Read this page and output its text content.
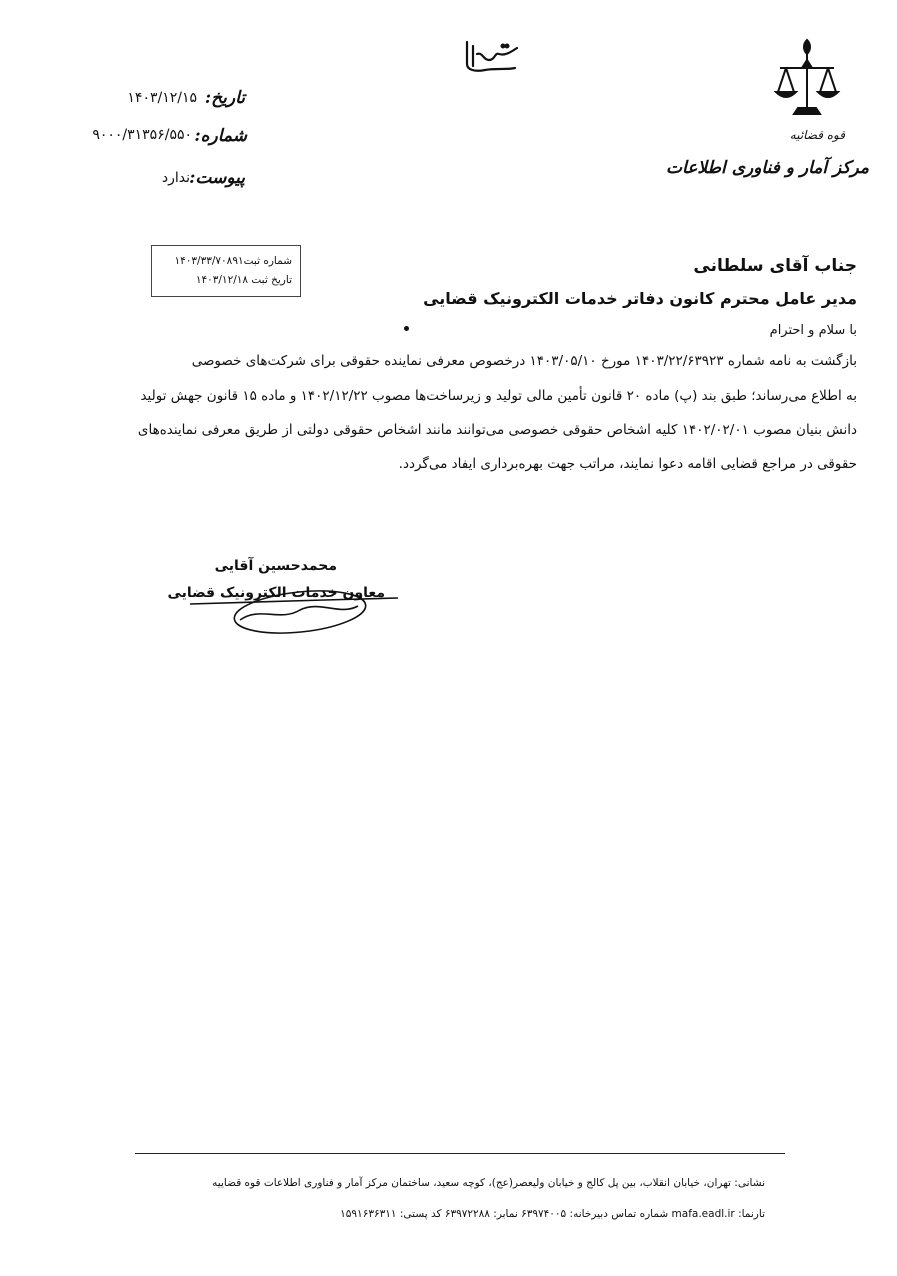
قوه قضائیه
مرکز آمار و فناوری اطلاعات
تاریخ:
۱۴۰۳/۱۲/۱۵
شماره:
۹۰۰۰/۳۱۳۵۶/۵۵۰
پیوست:
ندارد
شماره ثبت۱۴۰۳/۳۳/۷۰۸۹۱
تاریخ ثبت ۱۴۰۳/۱۲/۱۸
جناب آقای سلطانی
مدیر عامل محترم کانون دفاتر خدمات الکترونیک قضایی
با سلام و احترام
بازگشت به نامه شماره ۱۴۰۳/۲۲/۶۳۹۲۳ مورخ ۱۴۰۳/۰۵/۱۰ درخصوص معرفی نماینده حقوقی برای شرکت‌های خصوصی
به اطلاع می‌رساند؛ طبق بند (پ) ماده ۲۰ قانون تأمین مالی تولید و زیرساخت‌ها مصوب ۱۴۰۲/۱۲/۲۲ و ماده ۱۵ قانون جهش تولید
دانش بنیان مصوب ۱۴۰۲/۰۲/۰۱ کلیه اشخاص حقوقی خصوصی می‌توانند مانند اشخاص حقوقی دولتی از طریق معرفی نماینده‌های
حقوقی در مراجع قضایی اقامه دعوا نمایند، مراتب جهت بهره‌برداری ایفاد می‌گردد.
محمدحسین آقایی
معاون خدمات الکترونیک قضایی
نشانی: تهران، خیابان انقلاب، بین پل کالج و خیابان ولیعصر(عج)، کوچه سعید، ساختمان مرکز آمار و فناوری اطلاعات قوه قضاییه
تارنما: mafa.eadl.ir شماره تماس دبیرخانه: ۶۳۹۷۴۰۰۵ نمابر: ۶۳۹۷۲۲۸۸ کد پستی: ۱۵۹۱۶۳۶۳۱۱
